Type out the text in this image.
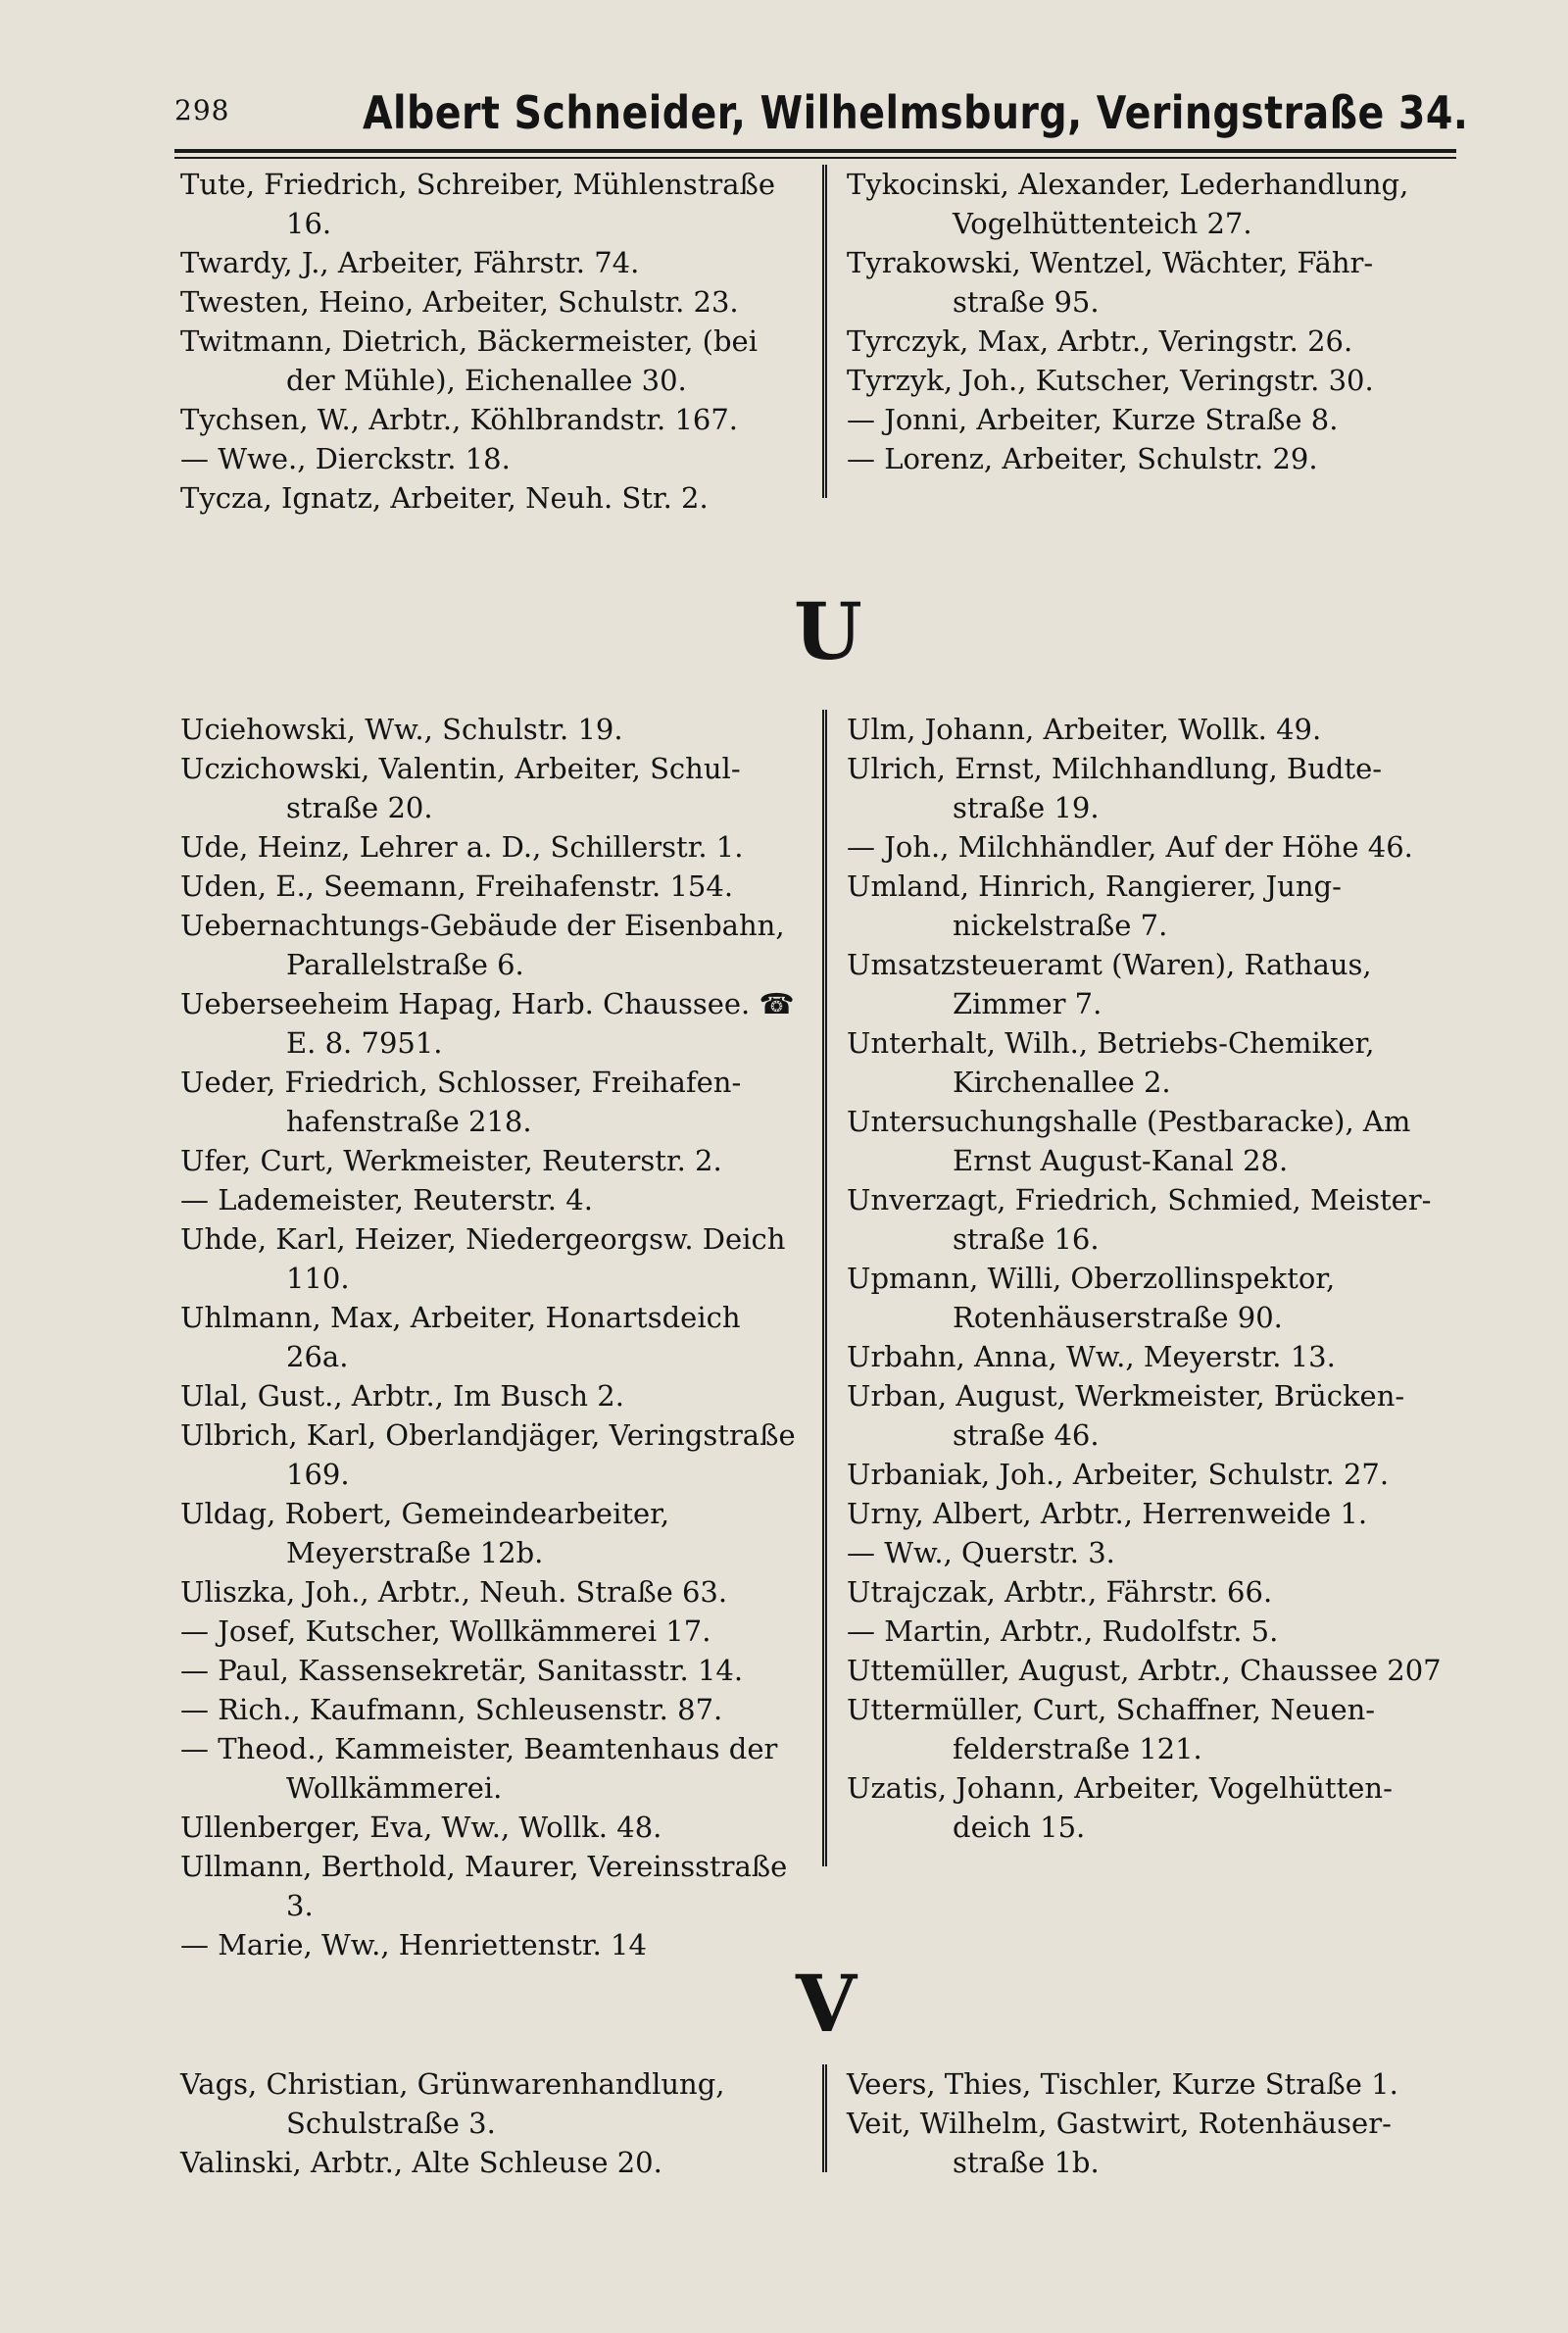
298	Albert Schneider, Wilhelmsburg, Veringstraße 34.

Tute, Friedrich, Schreiber, Mühlenstraße 16.

Twardy, J., Arbeiter, Fährstr. 74.

Twesten, Heino, Arbeiter, Schulstr. 23.

Twitmann, Dietrich, Bäckermeister, (bei der Mühle), Eichenallee 30.

Tychsen, W., Arbtr., Köhlbrandstr. 167.

— Wwe., Dierckstr. 18.

Tycza, Ignatz, Arbeiter, Neuh. Str. 2.

Tykocinski, Alexander, Lederhandlung, Vogelhüttenteich 27.

Tyrakowski, Wentzel, Wächter, Fährstraße 95.

Tyrczyk, Max, Arbtr., Veringstr. 26.

Tyrzyk, Joh., Kutscher, Veringstr. 30.

— Jonni, Arbeiter, Kurze Straße 8.

— Lorenz, Arbeiter, Schulstr. 29.

U

Uciehowski, Ww., Schulstr. 19.

Uczichowski, Valentin, Arbeiter, Schulstraße 20.

Ude, Heinz, Lehrer a. D., Schillerstr. 1.

Uden, E., Seemann, Freihafenstr. 154.

Uebernachtungs-Gebäude der Eisenbahn, Parallelstraße 6.

Ueberseeheim Hapag, Harb. Chaussee. ☎ E. 8. 7951.

Ueder, Friedrich, Schlosser, Freihafenhafenstraße 218.

Ufer, Curt, Werkmeister, Reuterstr. 2.

— Lademeister, Reuterstr. 4.

Uhde, Karl, Heizer, Niedergeorgsw. Deich 110.

Uhlmann, Max, Arbeiter, Honartsdeich 26a.

Ulal, Gust., Arbtr., Im Busch 2.

Ulbrich, Karl, Oberlandjäger, Veringstraße 169.

Uldag, Robert, Gemeindearbeiter, Meyerstraße 12b.

Uliszka, Joh., Arbtr., Neuh. Straße 63.

— Josef, Kutscher, Wollkämmerei 17.

— Paul, Kassensekretär, Sanitasstr. 14.

— Rich., Kaufmann, Schleusenstr. 87.

— Theod., Kammeister, Beamtenhaus der Wollkämmerei.

Ullenberger, Eva, Ww., Wollk. 48.

Ullmann, Berthold, Maurer, Vereinsstraße 3.

— Marie, Ww., Henriettenstr. 14

Ulm, Johann, Arbeiter, Wollk. 49.

Ulrich, Ernst, Milchhandlung, Budtestraße 19.

— Joh., Milchhändler, Auf der Höhe 46.

Umland, Hinrich, Rangierer, Jungnickelstraße 7.

Umsatzsteueramt (Waren), Rathaus, Zimmer 7.

Unterhalt, Wilh., Betriebs-Chemiker, Kirchenallee 2.

Untersuchungshalle (Pestbaracke), Am Ernst August-Kanal 28.

Unverzagt, Friedrich, Schmied, Meisterstraße 16.

Upmann, Willi, Oberzollinspektor, Rotenhäuserstraße 90.

Urbahn, Anna, Ww., Meyerstr. 13.

Urban, August, Werkmeister, Brückenstraße 46.

Urbaniak, Joh., Arbeiter, Schulstr. 27.

Urny, Albert, Arbtr., Herrenweide 1.

— Ww., Querstr. 3.

Utrajczak, Arbtr., Fährstr. 66.

— Martin, Arbtr., Rudolfstr. 5.

Uttemüller, August, Arbtr., Chaussee 207

Uttermüller, Curt, Schaffner, Neuenfelderstraße 121.

Uzatis, Johann, Arbeiter, Vogelhüttendeich 15.

V

Vags, Christian, Grünwarenhandlung, Schulstraße 3.

Valinski, Arbtr., Alte Schleuse 20.

Veers, Thies, Tischler, Kurze Straße 1.

Veit, Wilhelm, Gastwirt, Rotenhäuserstraße 1b.
